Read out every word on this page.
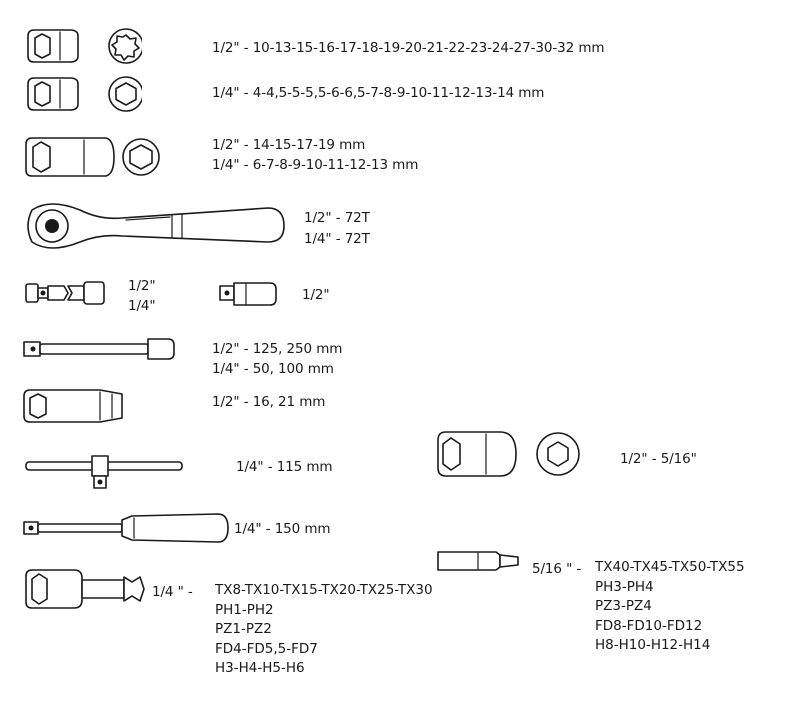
1/2" - 10-13-15-16-17-18-19-20-21-22-23-24-27-30-32 mm
1/4" - 4-4,5-5-5,5-6-6,5-7-8-9-10-11-12-13-14 mm
1/2" - 14-15-17-19 mm
1/4" - 6-7-8-9-10-11-12-13 mm
1/2" - 72T
1/4" - 72T
1/2"
1/4"
1/2"
1/2" - 125, 250 mm
1/4" - 50, 100 mm
1/2" - 16, 21 mm
1/4" - 115 mm
1/4" - 150 mm
1/2" - 5/16"
1/4 " - TX8-TX10-TX15-TX20-TX25-TX30
PH1-PH2
PZ1-PZ2
FD4-FD5,5-FD7
H3-H4-H5-H6
5/16 " - TX40-TX45-TX50-TX55
PH3-PH4
PZ3-PZ4
FD8-FD10-FD12
H8-H10-H12-H14
